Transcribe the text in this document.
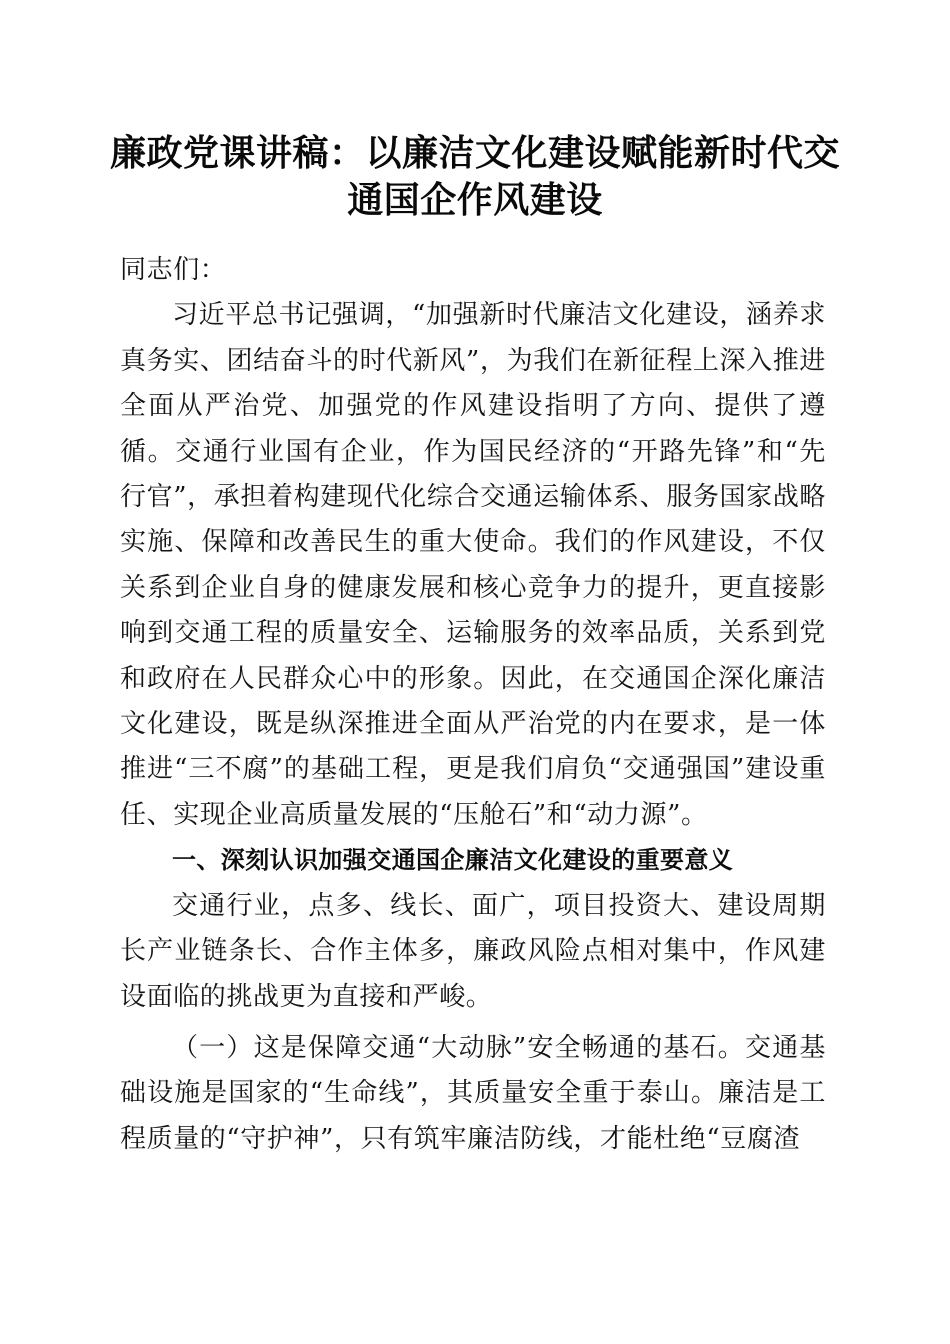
廉政党课讲稿：以廉洁文化建设赋能新时代交通国企作风建设

同志们：

习近平总书记强调，“加强新时代廉洁文化建设，涵养求真务实、团结奋斗的时代新风”，为我们在新征程上深入推进全面从严治党、加强党的作风建设指明了方向、提供了遵循。交通行业国有企业，作为国民经济的“开路先锋”和“先行官”，承担着构建现代化综合交通运输体系、服务国家战略实施、保障和改善民生的重大使命。我们的作风建设，不仅关系到企业自身的健康发展和核心竞争力的提升，更直接影响到交通工程的质量安全、运输服务的效率品质，关系到党和政府在人民群众心中的形象。因此，在交通国企深化廉洁文化建设，既是纵深推进全面从严治党的内在要求，是一体推进“三不腐”的基础工程，更是我们肩负“交通强国”建设重任、实现企业高质量发展的“压舱石”和“动力源”。

一、深刻认识加强交通国企廉洁文化建设的重要意义

交通行业，点多、线长、面广，项目投资大、建设周期长产业链条长、合作主体多，廉政风险点相对集中，作风建设面临的挑战更为直接和严峻。

（一）这是保障交通“大动脉”安全畅通的基石。交通基础设施是国家的“生命线”，其质量安全重于泰山。廉洁是工程质量的“守护神”，只有筑牢廉洁防线，才能杜绝“豆腐渣
